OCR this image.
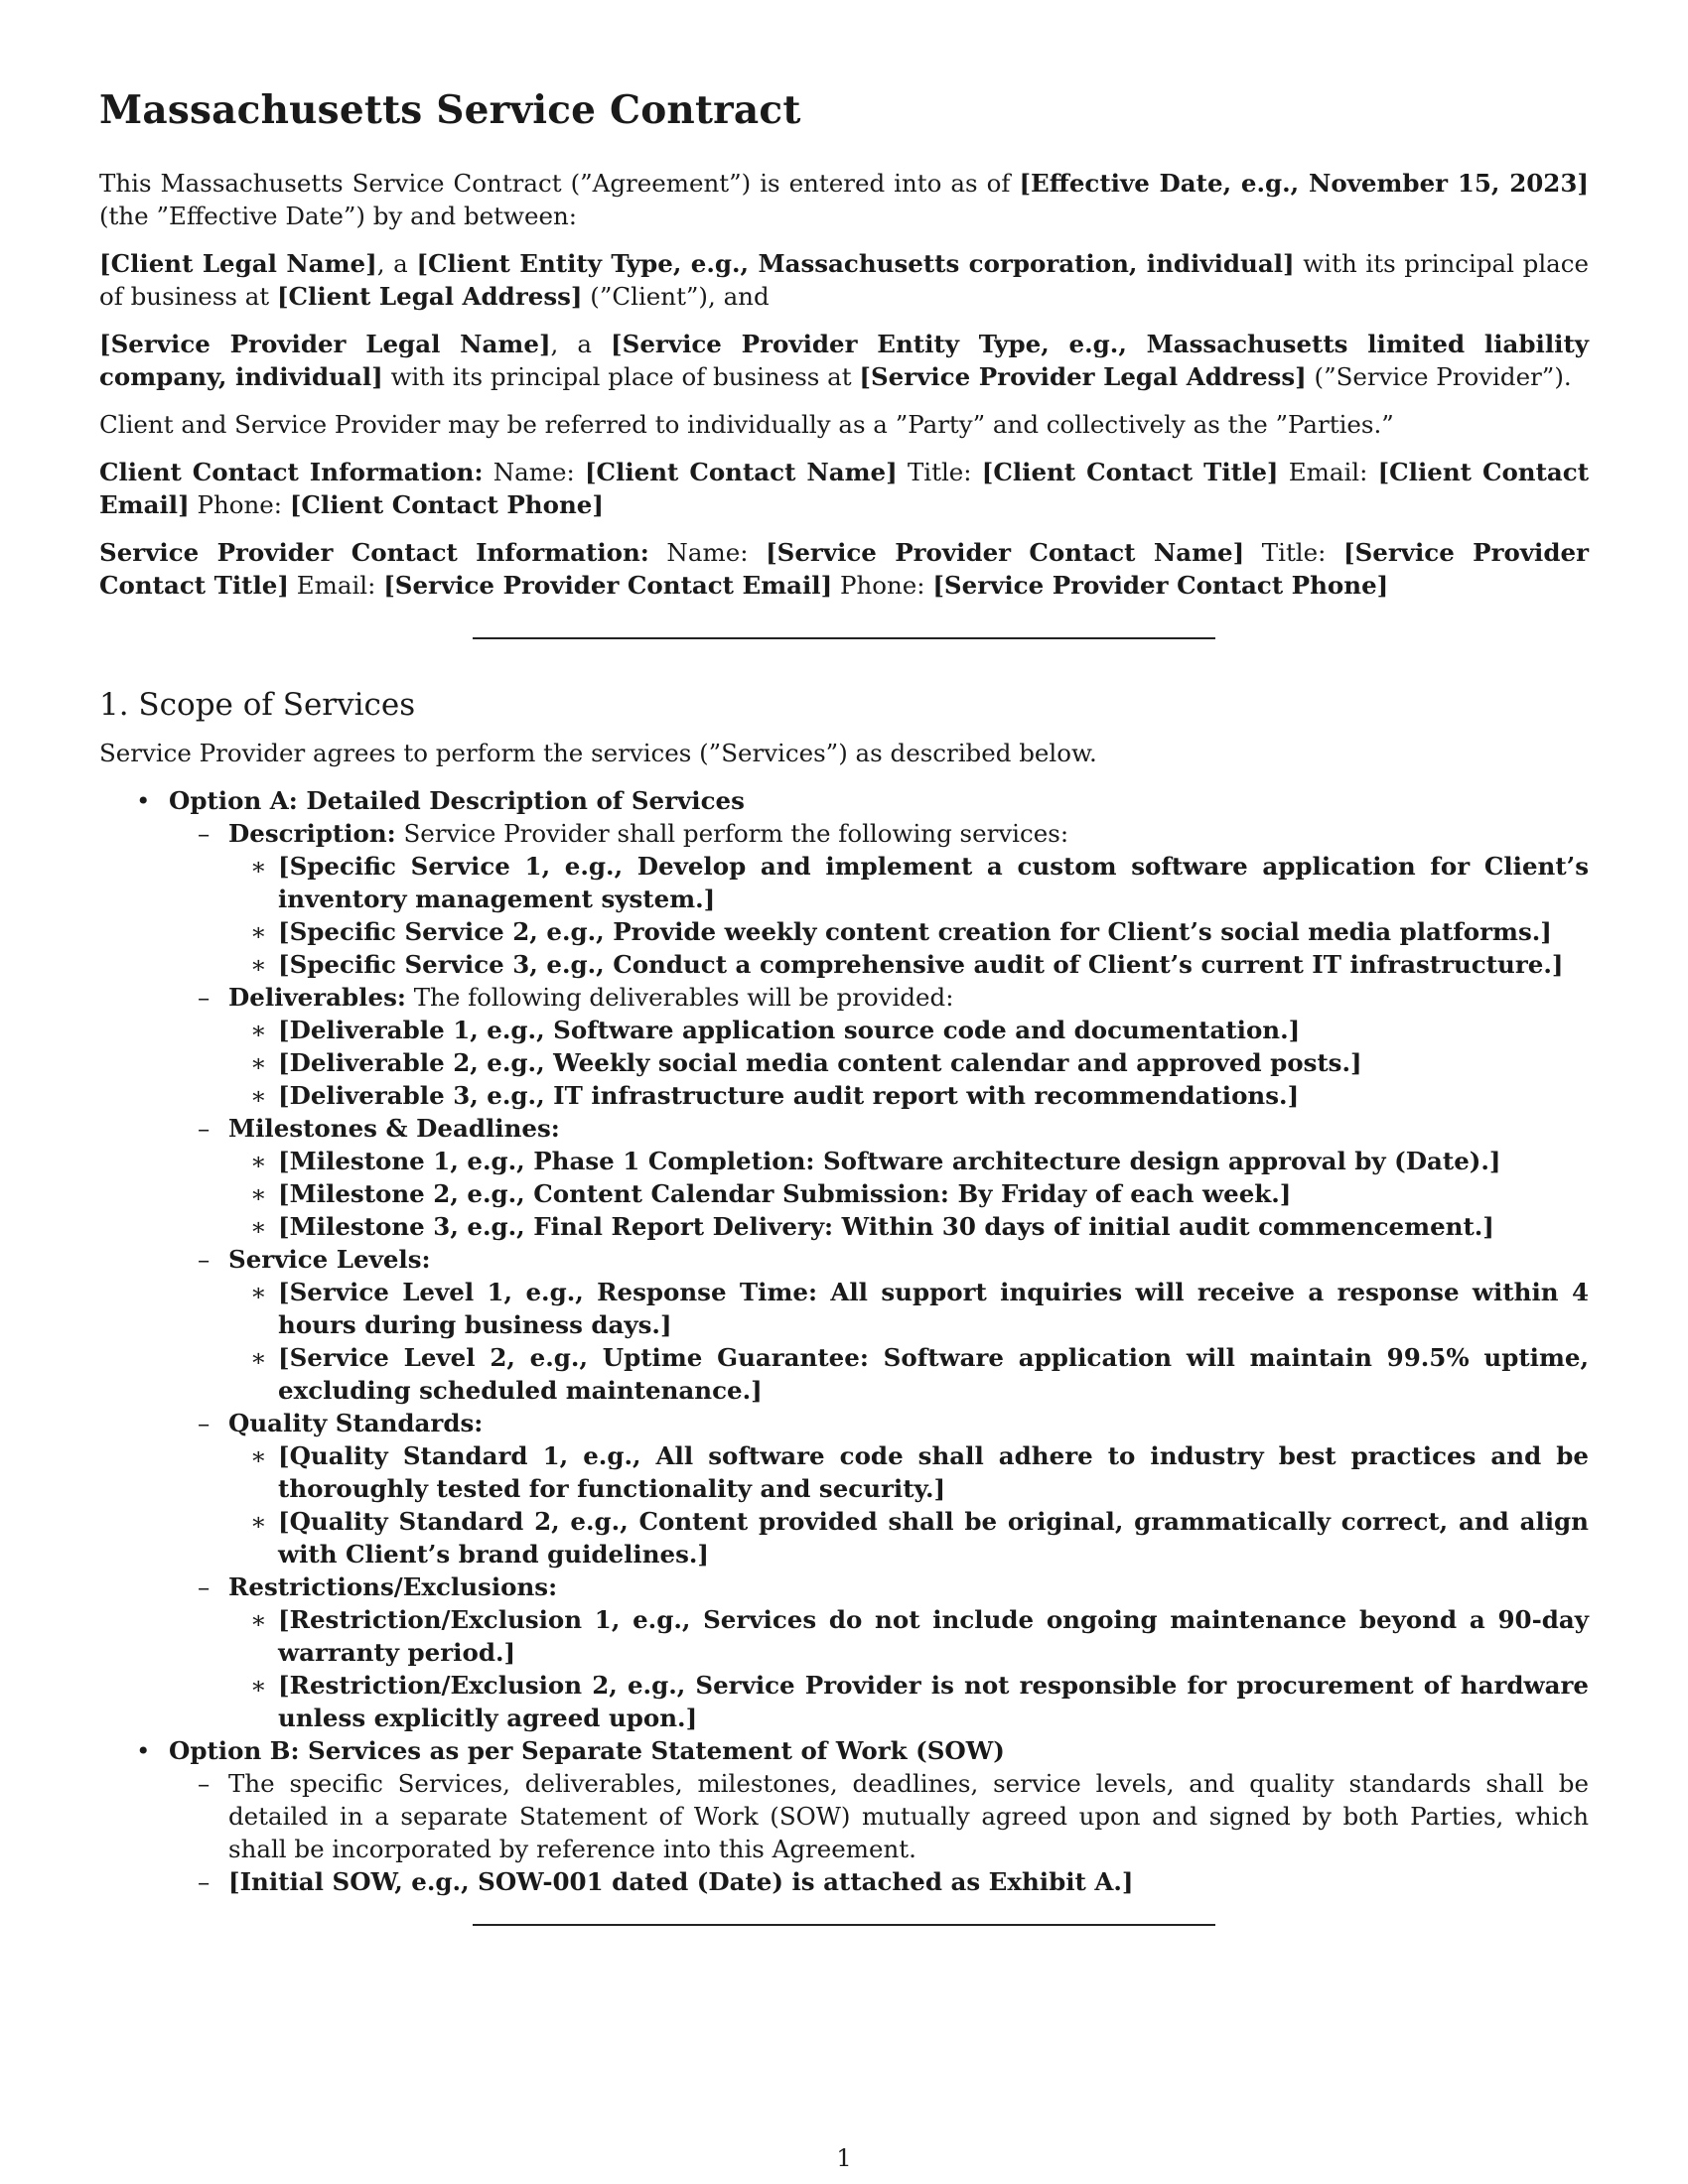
Massachusetts Service Contract

This Massachusetts Service Contract (”Agreement”) is entered into as of [Effective Date, e.g., November 15, 2023] (the ”Effective Date”) by and between:

[Client Legal Name], a [Client Entity Type, e.g., Massachusetts corporation, individual] with its principal place of business at [Client Legal Address] (”Client”), and

[Service Provider Legal Name], a [Service Provider Entity Type, e.g., Massachusetts limited liability company, individual] with its principal place of business at [Service Provider Legal Address] (”Service Provider”).

Client and Service Provider may be referred to individually as a ”Party” and collectively as the ”Parties.”

Client Contact Information: Name: [Client Contact Name] Title: [Client Contact Title] Email: [Client Contact Email] Phone: [Client Contact Phone]

Service Provider Contact Information: Name: [Service Provider Contact Name] Title: [Service Provider Contact Title] Email: [Service Provider Contact Email] Phone: [Service Provider Contact Phone]

1. Scope of Services

Service Provider agrees to perform the services (”Services”) as described below.

• Option A: Detailed Description of Services
– Description: Service Provider shall perform the following services:
∗ [Specific Service 1, e.g., Develop and implement a custom software application for Client’s inventory management system.]
∗ [Specific Service 2, e.g., Provide weekly content creation for Client’s social media platforms.]
∗ [Specific Service 3, e.g., Conduct a comprehensive audit of Client’s current IT infrastructure.]
– Deliverables: The following deliverables will be provided:
∗ [Deliverable 1, e.g., Software application source code and documentation.]
∗ [Deliverable 2, e.g., Weekly social media content calendar and approved posts.]
∗ [Deliverable 3, e.g., IT infrastructure audit report with recommendations.]
– Milestones & Deadlines:
∗ [Milestone 1, e.g., Phase 1 Completion: Software architecture design approval by (Date).]
∗ [Milestone 2, e.g., Content Calendar Submission: By Friday of each week.]
∗ [Milestone 3, e.g., Final Report Delivery: Within 30 days of initial audit commencement.]
– Service Levels:
∗ [Service Level 1, e.g., Response Time: All support inquiries will receive a response within 4 hours during business days.]
∗ [Service Level 2, e.g., Uptime Guarantee: Software application will maintain 99.5% uptime, excluding scheduled maintenance.]
– Quality Standards:
∗ [Quality Standard 1, e.g., All software code shall adhere to industry best practices and be thoroughly tested for functionality and security.]
∗ [Quality Standard 2, e.g., Content provided shall be original, grammatically correct, and align with Client’s brand guidelines.]
– Restrictions/Exclusions:
∗ [Restriction/Exclusion 1, e.g., Services do not include ongoing maintenance beyond a 90-day warranty period.]
∗ [Restriction/Exclusion 2, e.g., Service Provider is not responsible for procurement of hardware unless explicitly agreed upon.]
• Option B: Services as per Separate Statement of Work (SOW)
– The specific Services, deliverables, milestones, deadlines, service levels, and quality standards shall be detailed in a separate Statement of Work (SOW) mutually agreed upon and signed by both Parties, which shall be incorporated by reference into this Agreement.
– [Initial SOW, e.g., SOW-001 dated (Date) is attached as Exhibit A.]
1
